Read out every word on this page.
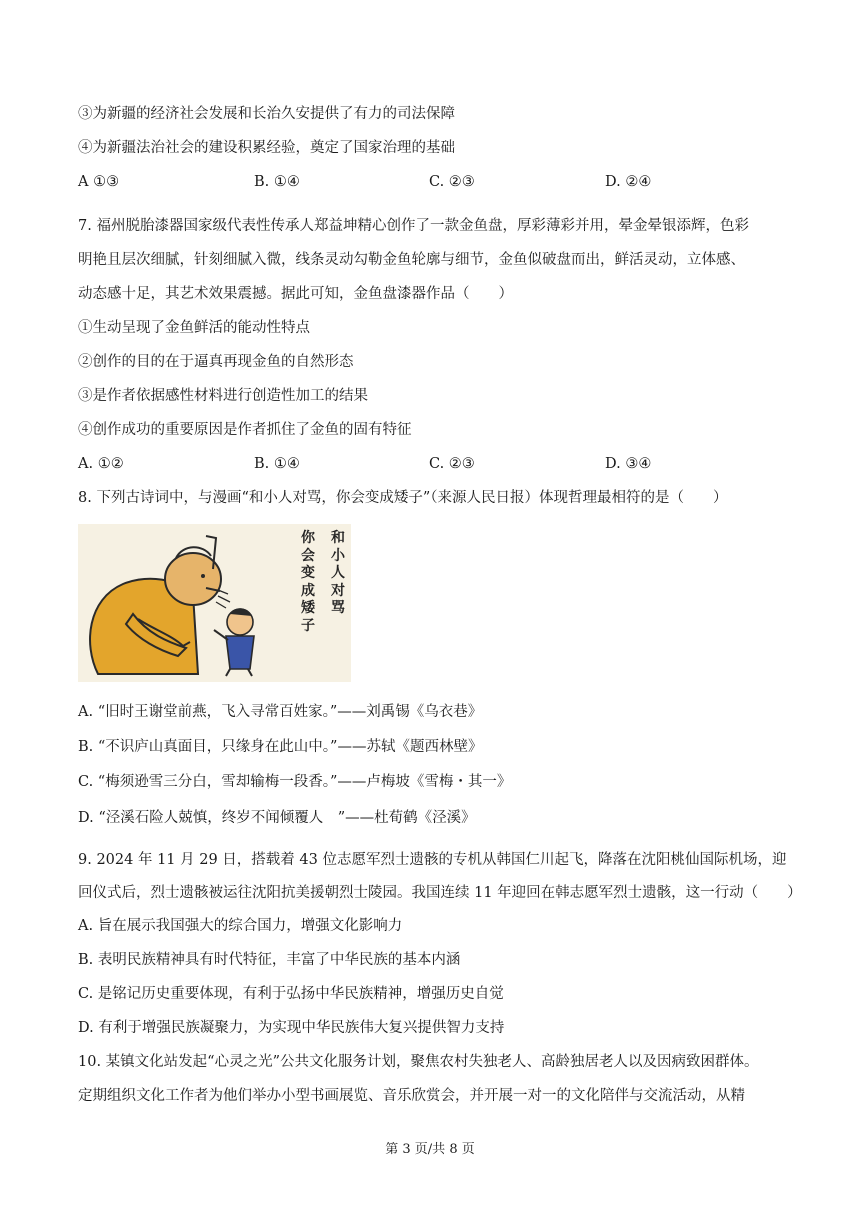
③为新疆的经济社会发展和长治久安提供了有力的司法保障
④为新疆法治社会的建设积累经验，奠定了国家治理的基础
A ①③	B. ①④	C. ②③	D. ②④
7. 福州脱胎漆器国家级代表性传承人郑益坤精心创作了一款金鱼盘，厚彩薄彩并用，晕金晕银添辉，色彩
明艳且层次细腻，针刻细腻入微，线条灵动勾勒金鱼轮廓与细节，金鱼似破盘而出，鲜活灵动，立体感、
动态感十足，其艺术效果震撼。据此可知，金鱼盘漆器作品（　　）
①生动呈现了金鱼鲜活的能动性特点
②创作的目的在于逼真再现金鱼的自然形态
③是作者依据感性材料进行创造性加工的结果
④创作成功的重要原因是作者抓住了金鱼的固有特征
A. ①②	B. ①④	C. ②③	D. ③④
8. 下列古诗词中，与漫画“和小人对骂，你会变成矮子”（来源人民日报）体现哲理最相符的是（　　）
你会变成矮子
和小人对骂
A. “旧时王谢堂前燕，飞入寻常百姓家。”——刘禹锡《乌衣巷》
B. “不识庐山真面目，只缘身在此山中。”——苏轼《题西林壁》
C. “梅须逊雪三分白，雪却输梅一段香。”——卢梅坡《雪梅・其一》
D. “泾溪石险人兢慎，终岁不闻倾覆人　”——杜荀鹤《泾溪》
9. 2024 年 11 月 29 日，搭载着 43 位志愿军烈士遗骸的专机从韩国仁川起飞，降落在沈阳桃仙国际机场，迎
回仪式后，烈士遗骸被运往沈阳抗美援朝烈士陵园。我国连续 11 年迎回在韩志愿军烈士遗骸，这一行动（　　）
A. 旨在展示我国强大的综合国力，增强文化影响力
B. 表明民族精神具有时代特征，丰富了中华民族的基本内涵
C. 是铭记历史重要体现，有利于弘扬中华民族精神，增强历史自觉
D. 有利于增强民族凝聚力，为实现中华民族伟大复兴提供智力支持
10. 某镇文化站发起“心灵之光”公共文化服务计划，聚焦农村失独老人、高龄独居老人以及因病致困群体。
定期组织文化工作者为他们举办小型书画展览、音乐欣赏会，并开展一对一的文化陪伴与交流活动，从精
第 3 页/共 8 页
